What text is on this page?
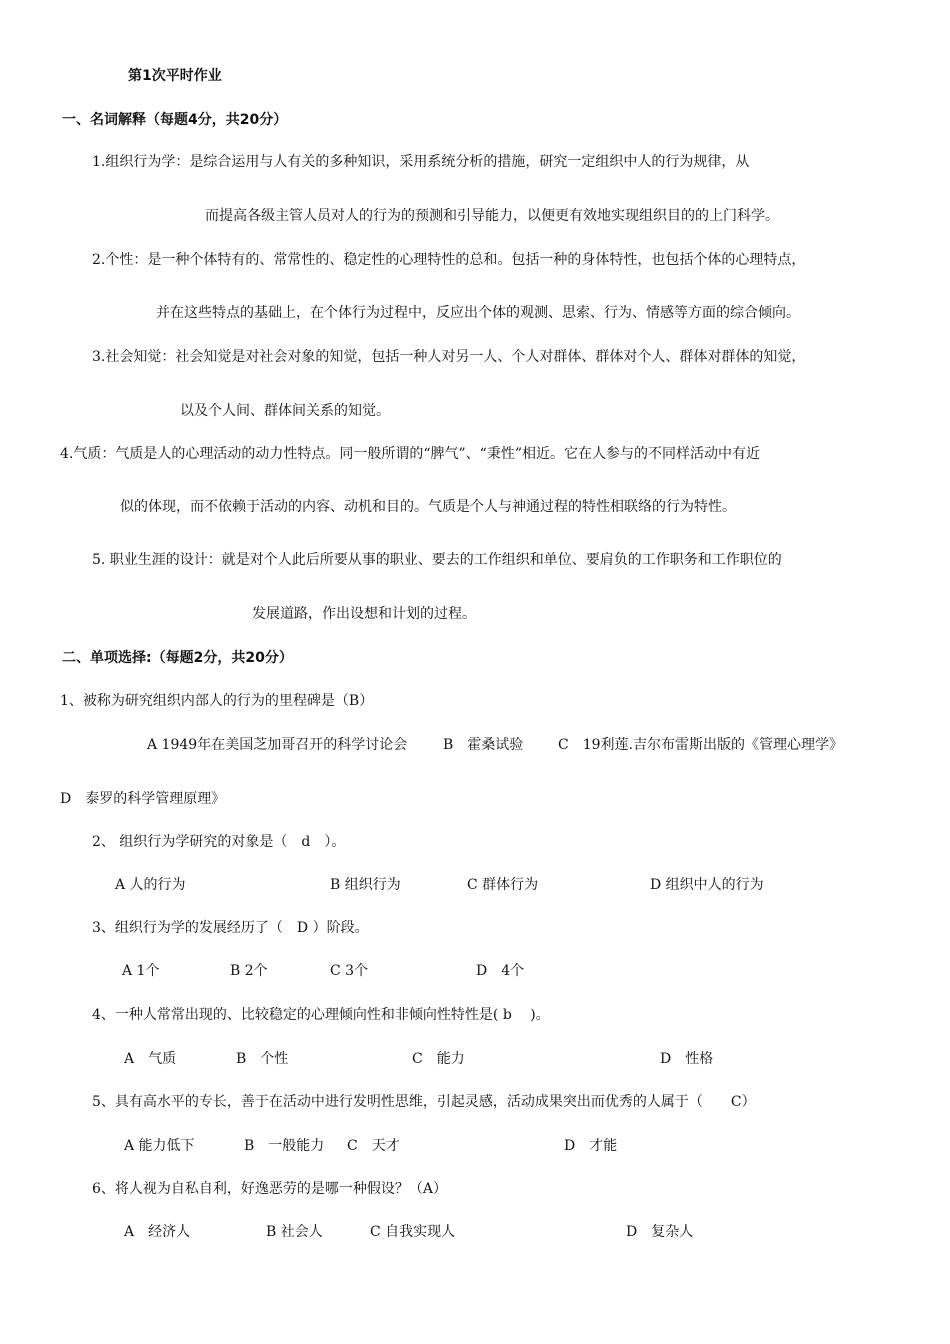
第1次平时作业
一、名词解释（每题4分，共20分）
1.组织行为学：是综合运用与人有关的多种知识，采用系统分析的措施，研究一定组织中人的行为规律，从
而提高各级主管人员对人的行为的预测和引导能力，以便更有效地实现组织目的的上门科学。
2.个性：是一种个体特有的、常常性的、稳定性的心理特性的总和。包括一种的身体特性，也包括个体的心理特点，
并在这些特点的基础上，在个体行为过程中，反应出个体的观测、思索、行为、情感等方面的综合倾向。
3.社会知觉：社会知觉是对社会对象的知觉，包括一种人对另一人、个人对群体、群体对个人、群体对群体的知觉，
以及个人间、群体间关系的知觉。
4.气质：气质是人的心理活动的动力性特点。同一般所谓的“脾气”、“秉性”相近。它在人参与的不同样活动中有近
似的体现，而不依赖于活动的内容、动机和目的。气质是个人与神通过程的特性相联络的行为特性。
5. 职业生涯的设计：就是对个人此后所要从事的职业、要去的工作组织和单位、要肩负的工作职务和工作职位的
发展道路，作出设想和计划的过程。
二、单项选择:（每题2分，共20分）
1、被称为研究组织内部人的行为的里程碑是（B）
A 1949年在美国芝加哥召开的科学讨论会	B　霍桑试验 C　19利莲.吉尔布雷斯出版的《管理心理学》
D　泰罗的科学管理原理》
2、 组织行为学研究的对象是（　d　）。
A 人的行为	B 组织行为	C 群体行为	D 组织中人的行为
3、组织行为学的发展经历了（　D ）阶段。
A 1个	B 2个	C 3个	D　4个
4、一种人常常出现的、比较稳定的心理倾向性和非倾向性特性是( b　 )。
A　气质	B　个性	C　能力	D　性格
5、具有高水平的专长，善于在活动中进行发明性思维，引起灵感，活动成果突出而优秀的人属于（　　C）
A 能力低下	B　一般能力 C　天才	D　才能
6、将人视为自私自利，好逸恶劳的是哪一种假设？（A）
A　经济人	B 社会人	C 自我实现人	D　复杂人
